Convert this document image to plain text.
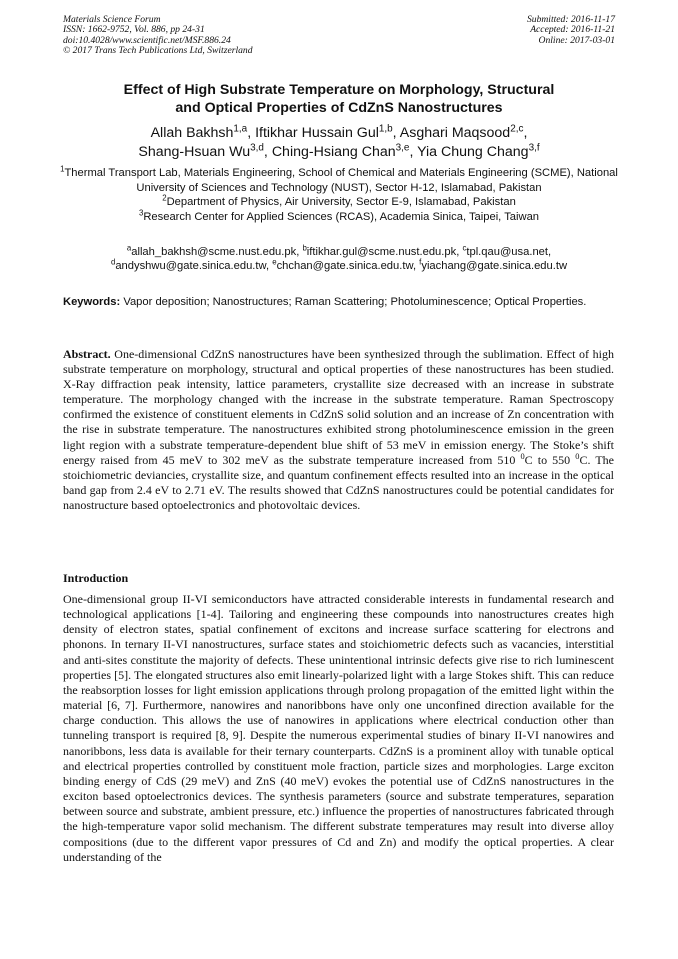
Materials Science Forum
ISSN: 1662-9752, Vol. 886, pp 24-31
doi:10.4028/www.scientific.net/MSF.886.24
© 2017 Trans Tech Publications Ltd, Switzerland
Submitted: 2016-11-17
Accepted: 2016-11-21
Online: 2017-03-01
Effect of High Substrate Temperature on Morphology, Structural
and Optical Properties of CdZnS Nanostructures
Allah Bakhsh$^{1,a}$, Iftikhar Hussain Gul$^{1,b}$, Asghari Maqsood$^{2,c}$,
Shang-Hsuan Wu$^{3,d}$, Ching-Hsiang Chan$^{3,e}$, Yia Chung Chang$^{3,f}$
$^1$Thermal Transport Lab, Materials Engineering, School of Chemical and Materials Engineering (SCME), National University of Sciences and Technology (NUST), Sector H-12, Islamabad, Pakistan
$^2$Department of Physics, Air University, Sector E-9, Islamabad, Pakistan
$^3$Research Center for Applied Sciences (RCAS), Academia Sinica, Taipei, Taiwan
$^a$allah_bakhsh@scme.nust.edu.pk, $^b$iftikhar.gul@scme.nust.edu.pk, $^c$tpl.qau@usa.net,
$^d$andyshwu@gate.sinica.edu.tw, $^e$chchan@gate.sinica.edu.tw, $^f$yiachang@gate.sinica.edu.tw
Keywords: Vapor deposition; Nanostructures; Raman Scattering; Photoluminescence; Optical Properties.
Abstract. One-dimensional CdZnS nanostructures have been synthesized through the sublimation. Effect of high substrate temperature on morphology, structural and optical properties of these nanostructures has been studied. X-Ray diffraction peak intensity, lattice parameters, crystallite size decreased with an increase in substrate temperature. The morphology changed with the increase in the substrate temperature. Raman Spectroscopy confirmed the existence of constituent elements in CdZnS solid solution and an increase of Zn concentration with the rise in substrate temperature. The nanostructures exhibited strong photoluminescence emission in the green light region with a substrate temperature-dependent blue shift of 53 meV in emission energy. The Stoke’s shift energy raised from 45 meV to 302 meV as the substrate temperature increased from 510 $^0$C to 550 $^0$C. The stoichiometric deviancies, crystallite size, and quantum confinement effects resulted into an increase in the optical band gap from 2.4 eV to 2.71 eV. The results showed that CdZnS nanostructures could be potential candidates for nanostructure based optoelectronics and photovoltaic devices.
Introduction
One-dimensional group II-VI semiconductors have attracted considerable interests in fundamental research and technological applications [1-4]. Tailoring and engineering these compounds into nanostructures creates high density of electron states, spatial confinement of excitons and increase surface scattering for electrons and phonons. In ternary II-VI nanostructures, surface states and stoichiometric defects such as vacancies, interstitial and anti-sites constitute the majority of defects. These unintentional intrinsic defects give rise to rich luminescent properties [5]. The elongated structures also emit linearly-polarized light with a large Stokes shift. This can reduce the reabsorption losses for light emission applications through prolong propagation of the emitted light within the material [6, 7]. Furthermore, nanowires and nanoribbons have only one unconfined direction available for the charge conduction. This allows the use of nanowires in applications where electrical conduction other than tunneling transport is required [8, 9]. Despite the numerous experimental studies of binary II-VI nanowires and nanoribbons, less data is available for their ternary counterparts. CdZnS is a prominent alloy with tunable optical and electrical properties controlled by constituent mole fraction, particle sizes and morphologies. Large exciton binding energy of CdS (29 meV) and ZnS (40 meV) evokes the potential use of CdZnS nanostructures in the exciton based optoelectronics devices. The synthesis parameters (source and substrate temperatures, separation between source and substrate, ambient pressure, etc.) influence the properties of nanostructures fabricated through the high-temperature vapor solid mechanism. The different substrate temperatures may result into diverse alloy compositions (due to the different vapor pressures of Cd and Zn) and modify the optical properties. A clear understanding of the
